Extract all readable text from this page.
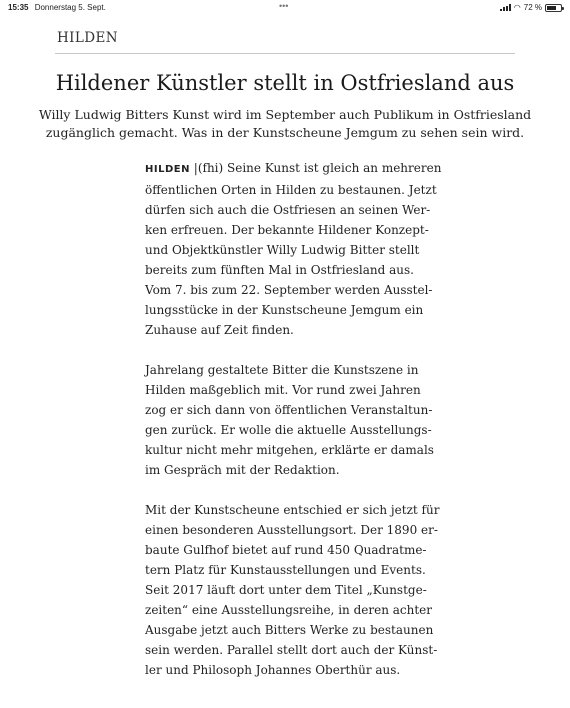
15:35 Donnerstag 5. Sept.	•••	◠ 72 %
HILDEN
Hildener Künstler stellt in Ostfriesland aus
Willy Ludwig Bitters Kunst wird im September auch Publikum in Ostfriesland
zugänglich gemacht. Was in der Kunstscheune Jemgum zu sehen sein wird.
HILDEN |(fhi) Seine Kunst ist gleich an mehreren
öffentlichen Orten in Hilden zu bestaunen. Jetzt
dürfen sich auch die Ostfriesen an seinen Wer-
ken erfreuen. Der bekannte Hildener Konzept-
und Objektkünstler Willy Ludwig Bitter stellt
bereits zum fünften Mal in Ostfriesland aus.
Vom 7. bis zum 22. September werden Ausstel-
lungsstücke in der Kunstscheune Jemgum ein
Zuhause auf Zeit finden.
Jahrelang gestaltete Bitter die Kunstszene in
Hilden maßgeblich mit. Vor rund zwei Jahren
zog er sich dann von öffentlichen Veranstaltun-
gen zurück. Er wolle die aktuelle Ausstellungs-
kultur nicht mehr mitgehen, erklärte er damals
im Gespräch mit der Redaktion.
Mit der Kunstscheune entschied er sich jetzt für
einen besonderen Ausstellungsort. Der 1890 er-
baute Gulfhof bietet auf rund 450 Quadratme-
tern Platz für Kunstausstellungen und Events.
Seit 2017 läuft dort unter dem Titel „Kunstge-
zeiten“ eine Ausstellungsreihe, in deren achter
Ausgabe jetzt auch Bitters Werke zu bestaunen
sein werden. Parallel stellt dort auch der Künst-
ler und Philosoph Johannes Oberthür aus.
